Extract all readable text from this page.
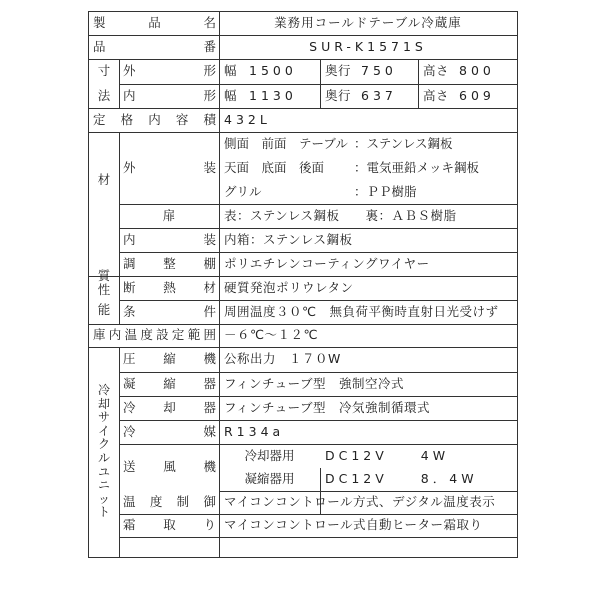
製	品	名	業務用コールドテーブル冷蔵庫
品	番	SUR-K1571S
寸
法
外	形 幅 1500 奥行 750 高さ 800
内	形 幅 1130 奥行 637 高さ 609
定 格 内 容 積 432L
材
質
外	装
側面　前面　テーブル ：ステンレス鋼板
天面　底面　後面 ：電気亜鉛メッキ鋼板
グリル	：ＰＰ樹脂
扉	表：ステンレス鋼板　　裏：ＡＢＳ樹脂
内	装 内箱：ステンレス鋼板
調 整 棚 ポリエチレンコーティングワイヤー
断 熱 材 硬質発泡ポリウレタン
性
能 条	件 周囲温度３０℃　無負荷平衡時直射日光受けず
庫 内 温 度 設 定 範 囲 －６℃～１２℃
冷
却
サ
イ
ク
ル
ユ
ニ
ッ
ト
圧 縮 機 公称出力　１７０W
凝 縮 器 フィンチューブ型　強制空冷式
冷 却 器 フィンチューブ型　冷気強制循環式
冷	媒 R134a
送 風 機
冷却器用	DC12V　　4W
凝縮器用	DC12V　　8．4W
温 度 制 御 マイコンコントロール方式、デジタル温度表示
霜 取 り マイコンコントロール式自動ヒーター霜取り
